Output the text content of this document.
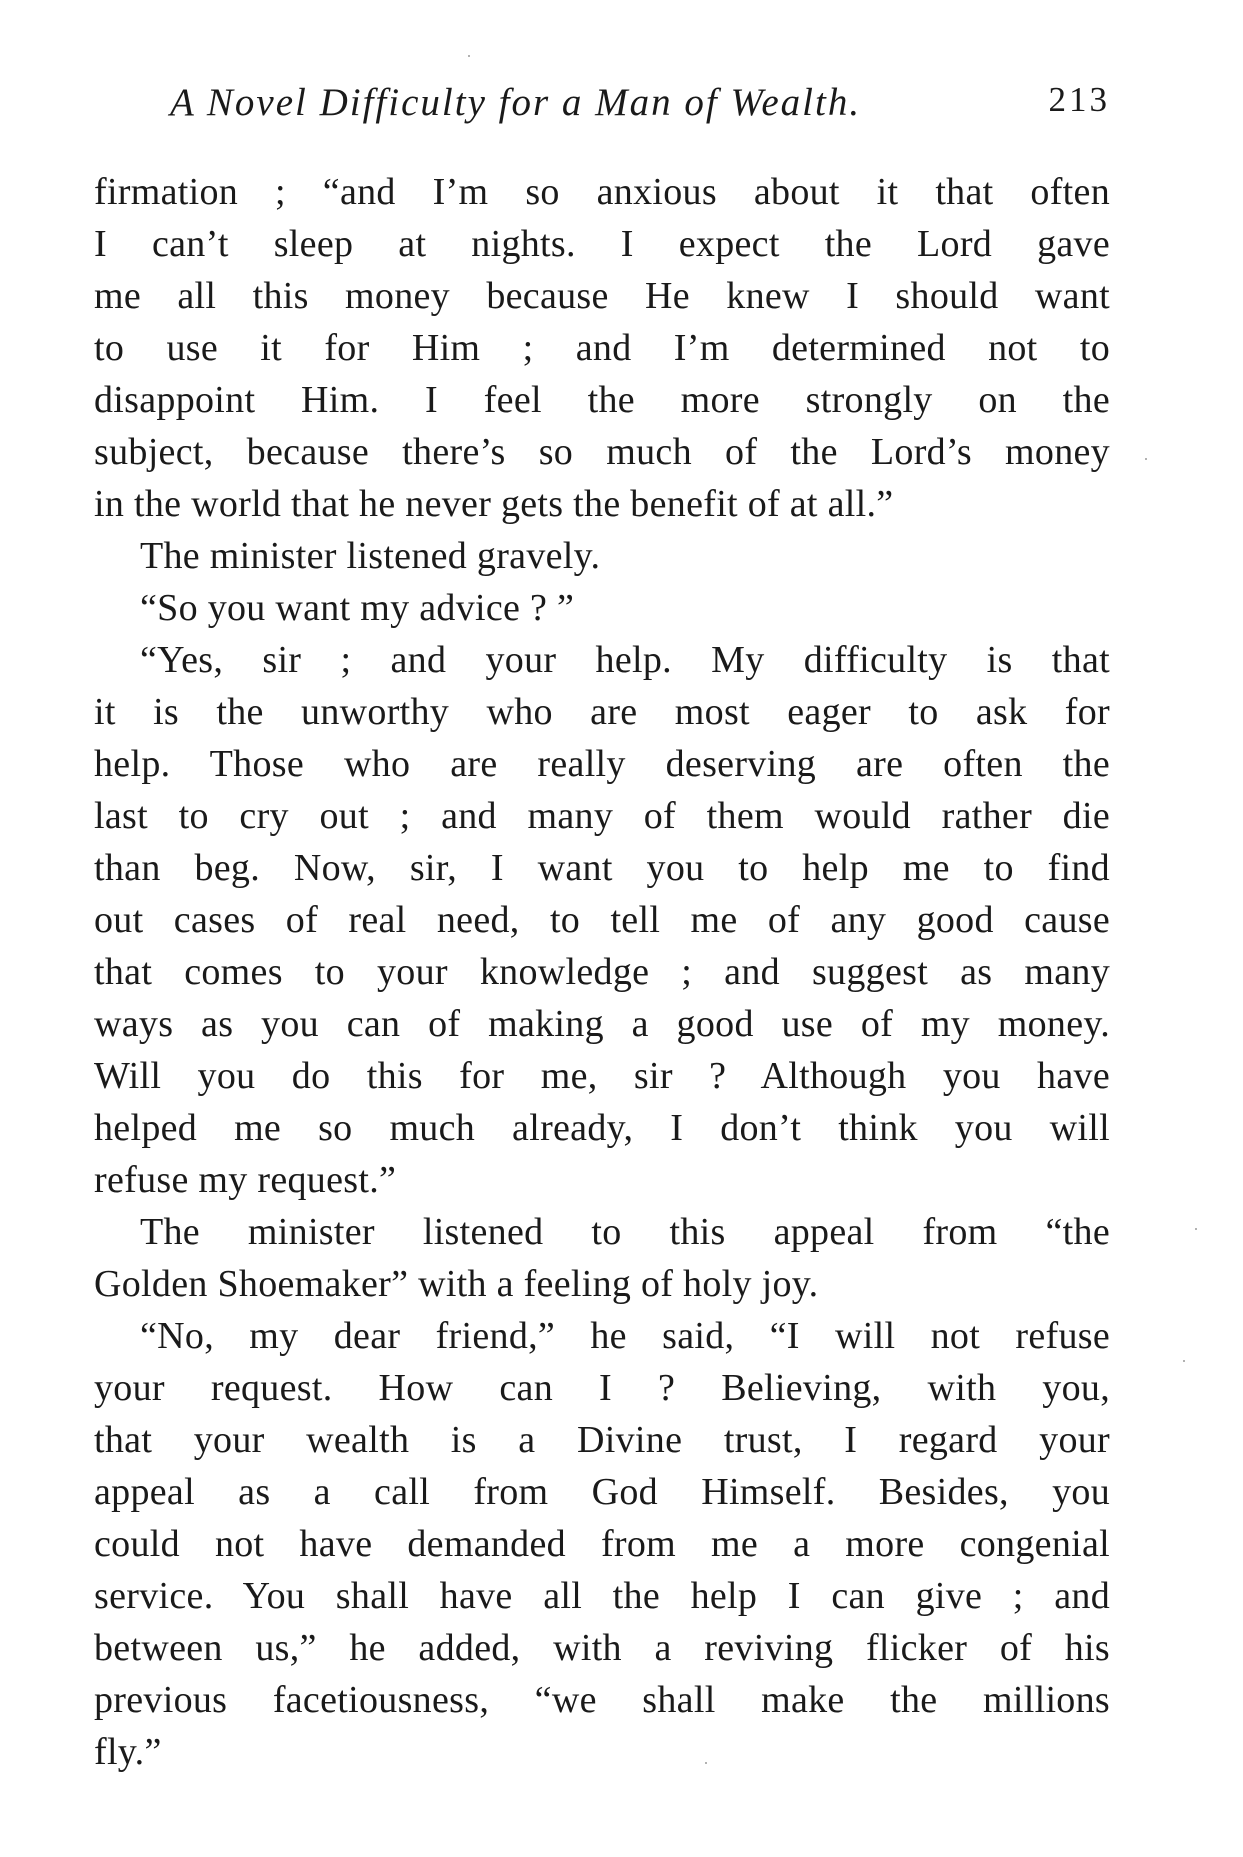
A Novel Difficulty for a Man of Wealth.	213
firmation ; “and I’m so anxious about it that often
I can’t sleep at nights. I expect the Lord gave
me all this money because He knew I should want
to use it for Him ; and I’m determined not to
disappoint Him. I feel the more strongly on the
subject, because there’s so much of the Lord’s money
in the world that he never gets the benefit of at all.”
The minister listened gravely.
“So you want my advice ? ”
“Yes, sir ; and your help. My difficulty is that
it is the unworthy who are most eager to ask for
help. Those who are really deserving are often the
last to cry out ; and many of them would rather die
than beg. Now, sir, I want you to help me to find
out cases of real need, to tell me of any good cause
that comes to your knowledge ; and suggest as many
ways as you can of making a good use of my money.
Will you do this for me, sir ? Although you have
helped me so much already, I don’t think you will
refuse my request.”
The minister listened to this appeal from “the
Golden Shoemaker” with a feeling of holy joy.
“No, my dear friend,” he said, “I will not refuse
your request. How can I ? Believing, with you,
that your wealth is a Divine trust, I regard your
appeal as a call from God Himself. Besides, you
could not have demanded from me a more congenial
service. You shall have all the help I can give ; and
between us,” he added, with a reviving flicker of his
previous facetiousness, “we shall make the millions
fly.”
